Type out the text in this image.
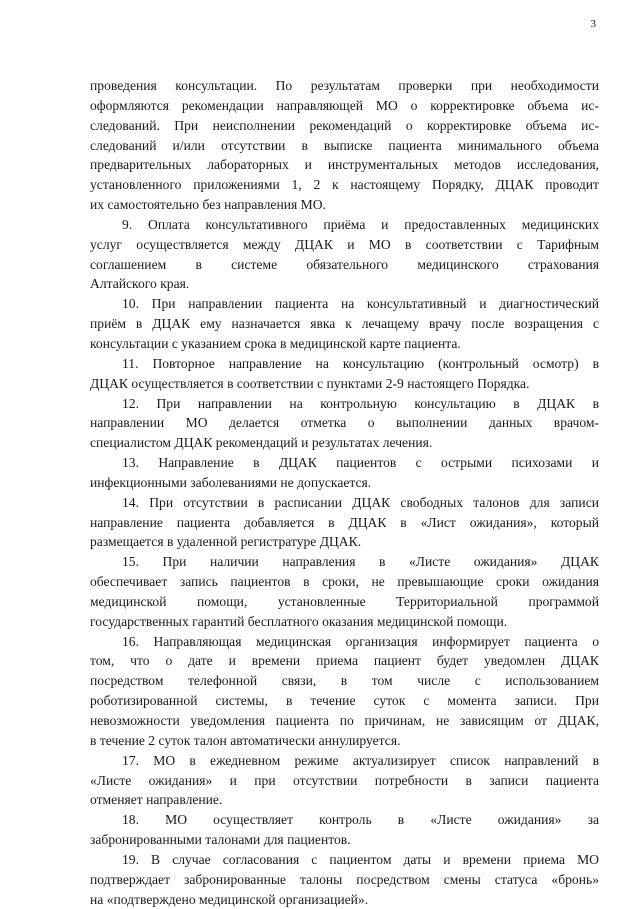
3
проведения консультации. По результатам проверки при необходимости
оформляются рекомендации направляющей МО о корректировке объема ис-
следований. При неисполнении рекомендаций о корректировке объема ис-
следований и/или отсутствии в выписке пациента минимального объема
предварительных лабораторных и инструментальных методов исследования,
установленного приложениями 1, 2 к настоящему Порядку, ДЦАК проводит
их самостоятельно без направления МО.
9. Оплата консультативного приёма и предоставленных медицинских
услуг осуществляется между ДЦАК и МО в соответствии с Тарифным
соглашением в системе обязательного медицинского страхования
Алтайского края.
10. При направлении пациента на консультативный и диагностический
приём в ДЦАК ему назначается явка к лечащему врачу после возращения с
консультации с указанием срока в медицинской карте пациента.
11. Повторное направление на консультацию (контрольный осмотр) в
ДЦАК осуществляется в соответствии с пунктами 2-9 настоящего Порядка.
12. При направлении на контрольную консультацию в ДЦАК в
направлении МО делается отметка о выполнении данных врачом-
специалистом ДЦАК рекомендаций и результатах лечения.
13. Направление в ДЦАК пациентов с острыми психозами и
инфекционными заболеваниями не допускается.
14. При отсутствии в расписании ДЦАК свободных талонов для записи
направление пациента добавляется в ДЦАК в «Лист ожидания», который
размещается в удаленной регистратуре ДЦАК.
15. При наличии направления в «Листе ожидания» ДЦАК
обеспечивает запись пациентов в сроки, не превышающие сроки ожидания
медицинской помощи, установленные Территориальной программой
государственных гарантий бесплатного оказания медицинской помощи.
16. Направляющая медицинская организация информирует пациента о
том, что о дате и времени приема пациент будет уведомлен ДЦАК
посредством телефонной связи, в том числе с использованием
роботизированной системы, в течение суток с момента записи. При
невозможности уведомления пациента по причинам, не зависящим от ДЦАК,
в течение 2 суток талон автоматически аннулируется.
17. МО в ежедневном режиме актуализирует список направлений в
«Листе ожидания» и при отсутствии потребности в записи пациента
отменяет направление.
18. МО осуществляет контроль в «Листе ожидания» за
забронированными талонами для пациентов.
19. В случае согласования с пациентом даты и времени приема МО
подтверждает забронированные талоны посредством смены статуса «бронь»
на «подтверждено медицинской организацией».
